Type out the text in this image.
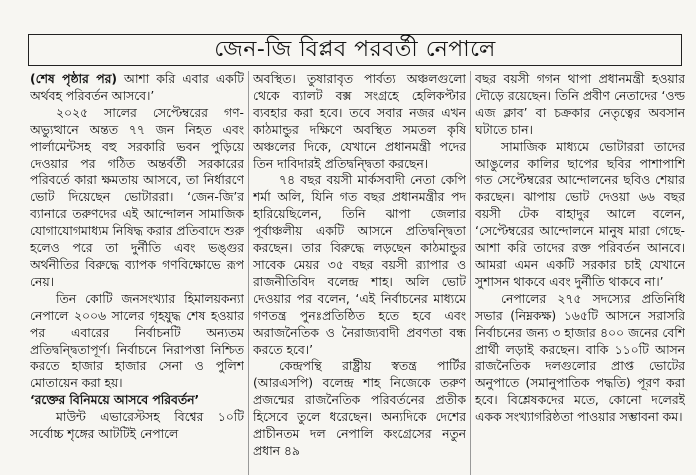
জেন-জি বিপ্লব পরবর্তী নেপালে

(শেষ পৃষ্ঠার পর) আশা করি এবার একটি অর্থবহ পরিবর্তন আসবে।’

২০২৫ সালের সেপ্টেম্বরের গণ-অভ্যুত্থানে অন্তত ৭৭ জন নিহত এবং পার্লামেন্টসহ বহু সরকারি ভবন পুড়িয়ে দেওয়ার পর গঠিত অন্তর্বর্তী সরকারের পরিবর্তে কারা ক্ষমতায় আসবে, তা নির্ধারণে ভোট দিয়েছেন ভোটাররা। ‘জেন-জি’র ব্যানারে তরুণদের এই আন্দোলন সামাজিক যোগাযোগমাধ্যম নিষিদ্ধ করার প্রতিবাদে শুরু হলেও পরে তা দুর্নীতি এবং ভঙ্গুর অর্থনীতির বিরুদ্ধে ব্যাপক গণবিক্ষোভে রূপ নেয়।

তিন কোটি জনসংখ্যার হিমালয়কন্যা নেপালে ২০০৬ সালের গৃহযুদ্ধ শেষ হওয়ার পর এবারের নির্বাচনটি অন্যতম প্রতিদ্বন্দ্বিতাপূর্ণ। নির্বাচনে নিরাপত্তা নিশ্চিত করতে হাজার হাজার সেনা ও পুলিশ মোতায়েন করা হয়।

‘রক্তের বিনিময়ে আসবে পরিবর্তন’

মাউন্ট এভারেস্টসহ বিশ্বের ১০টি সর্বোচ্চ শৃঙ্গের আটটিই নেপালে

অবস্থিত। তুষারাবৃত পার্বত্য অঞ্চলগুলো থেকে ব্যালট বক্স সংগ্রহে হেলিকপ্টার ব্যবহার করা হবে। তবে সবার নজর এখন কাঠমান্ডুর দক্ষিণে অবস্থিত সমতল কৃষি অঞ্চলের দিকে, যেখানে প্রধানমন্ত্রী পদের তিন দাবিদারই প্রতিদ্বন্দ্বিতা করছেন।

৭৪ বছর বয়সী মার্কসবাদী নেতা কেপি শর্মা অলি, যিনি গত বছর প্রধানমন্ত্রীর পদ হারিয়েছিলেন, তিনি ঝাপা জেলার পূর্বাঞ্চলীয় একটি আসনে প্রতিদ্বন্দ্বিতা করছেন। তার বিরুদ্ধে লড়ছেন কাঠমান্ডুর সাবেক মেয়র ৩৫ বছর বয়সী র‍্যাপার ও রাজনীতিবিদ বলেন্দ্র শাহ। অলি ভোট দেওয়ার পর বলেন, ‘এই নির্বাচনের মাধ্যমে গণতন্ত্র পুনঃপ্রতিষ্ঠিত হতে হবে এবং অরাজনৈতিক ও নৈরাজ্যবাদী প্রবণতা বন্ধ করতে হবে।’

কেন্দ্রপন্থি রাষ্ট্রীয় স্বতন্ত্র পার্টির (আরএসপি) বলেন্দ্র শাহ নিজেকে তরুণ প্রজন্মের রাজনৈতিক পরিবর্তনের প্রতীক হিসেবে তুলে ধরেছেন। অন্যদিকে দেশের প্রাচীনতম দল নেপালি কংগ্রেসের নতুন প্রধান ৪৯

বছর বয়সী গগন থাপা প্রধানমন্ত্রী হওয়ার দৌড়ে রয়েছেন। তিনি প্রবীণ নেতাদের ‘ওল্ড এজ ক্লাব’ বা চক্রকার নেতৃত্বের অবসান ঘটাতে চান।

সামাজিক মাধ্যমে ভোটাররা তাদের আঙুলের কালির ছাপের ছবির পাশাপাশি গত সেপ্টেম্বরের আন্দোলনের ছবিও শেয়ার করছেন। ঝাপায় ভোট দেওয়া ৬৬ বছর বয়সী টেক বাহাদুর আলে বলেন, ‘সেপ্টেম্বরের আন্দোলনে মানুষ মারা গেছে- আশা করি তাদের রক্ত পরিবর্তন আনবে। আমরা এমন একটি সরকার চাই যেখানে সুশাসন থাকবে এবং দুর্নীতি থাকবে না।’

নেপালের ২৭৫ সদস্যের প্রতিনিধি সভার (নিম্নকক্ষ) ১৬৫টি আসনে সরাসরি নির্বাচনের জন্য ৩ হাজার ৪০০ জনের বেশি প্রার্থী লড়াই করছেন। বাকি ১১০টি আসন রাজনৈতিক দলগুলোর প্রাপ্ত ভোটের অনুপাতে (সমানুপাতিক পদ্ধতি) পূরণ করা হবে। বিশ্লেষকদের মতে, কোনো দলেরই একক সংখ্যাগরিষ্ঠতা পাওয়ার সম্ভাবনা কম।
